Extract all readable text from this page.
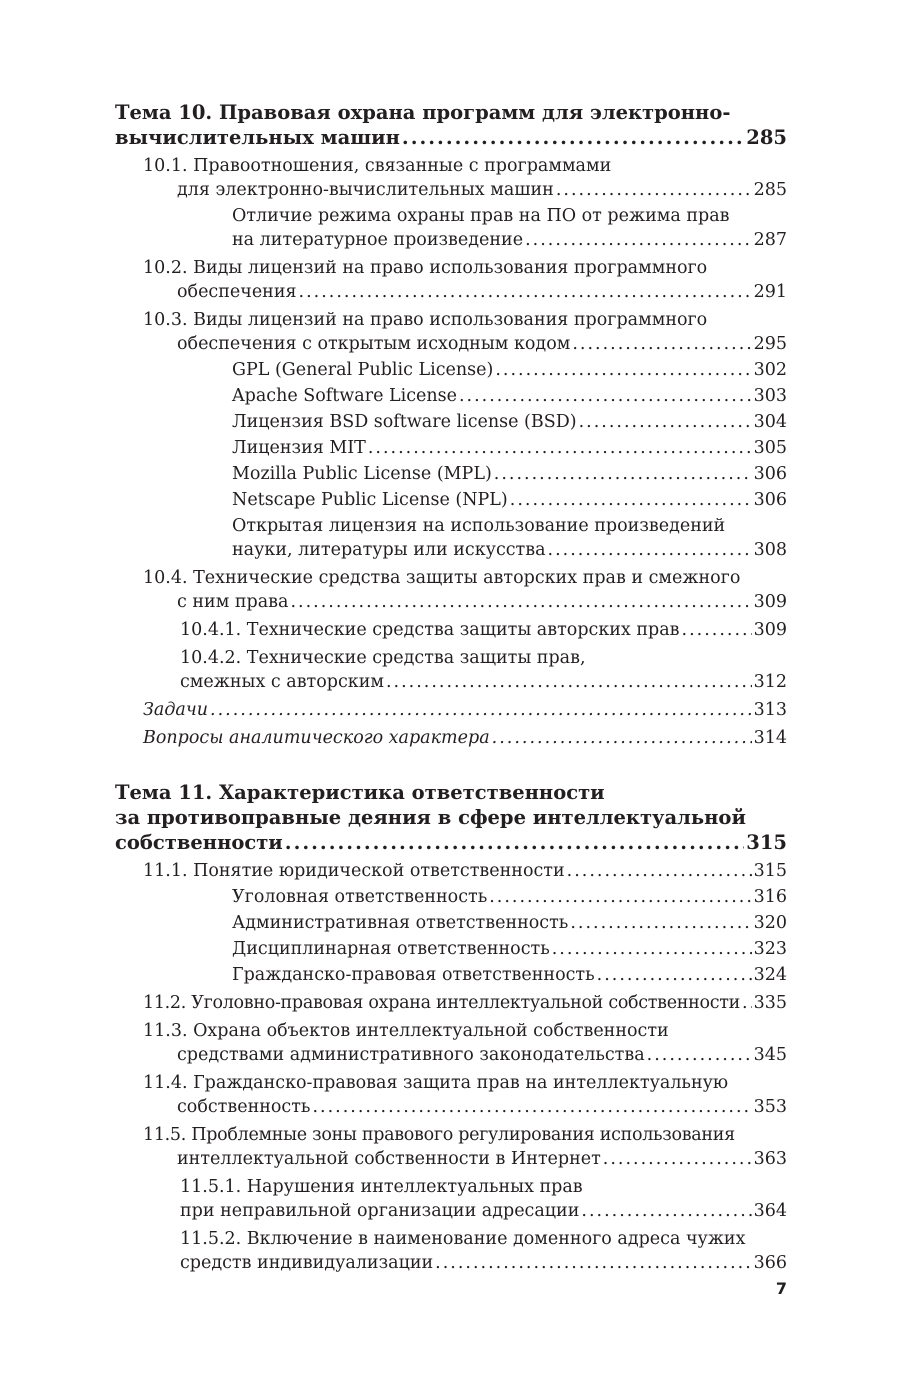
Тема 10. Правовая охрана программ для электронно-
вычислительных машин .....	285
10.1. Правоотношения, связанные с программами
для электронно-вычислительных машин .....	285
Отличие режима охраны прав на ПО от режима прав
на литературное произведение .....	287
10.2. Виды лицензий на право использования программного
обеспечения .....	291
10.3. Виды лицензий на право использования программного
обеспечения с открытым исходным кодом .....	295
GPL (General Public License) .....	302
Apache Software License .....	303
Лицензия BSD software license (BSD) .....	304
Лицензия MIT .....	305
Mozilla Public License (MPL) .....	306
Netscape Public License (NPL) .....	306
Открытая лицензия на использование произведений
науки, литературы или искусства .....	308
10.4. Технические средства защиты авторских прав и смежного
с ним права .....	309
10.4.1. Технические средства защиты авторских прав .....	309
10.4.2. Технические средства защиты прав,
смежных с авторским .....	312
Задачи .....	313
Вопросы аналитического характера .....	314
Тема 11. Характеристика ответственности
за противоправные деяния в сфере интеллектуальной
собственности .....	315
11.1. Понятие юридической ответственности .....	315
Уголовная ответственность .....	316
Административная ответственность .....	320
Дисциплинарная ответственность .....	323
Гражданско-правовая ответственность .....	324
11.2. Уголовно-правовая охрана интеллектуальной собственности ..... 335
11.3. Охрана объектов интеллектуальной собственности
средствами административного законодательства .....	345
11.4. Гражданско-правовая защита прав на интеллектуальную
собственность .....	353
11.5. Проблемные зоны правового регулирования использования
интеллектуальной собственности в Интернет .....	363
11.5.1. Нарушения интеллектуальных прав
при неправильной организации адресации .....	364
11.5.2. Включение в наименование доменного адреса чужих
средств индивидуализации .....	366
7
